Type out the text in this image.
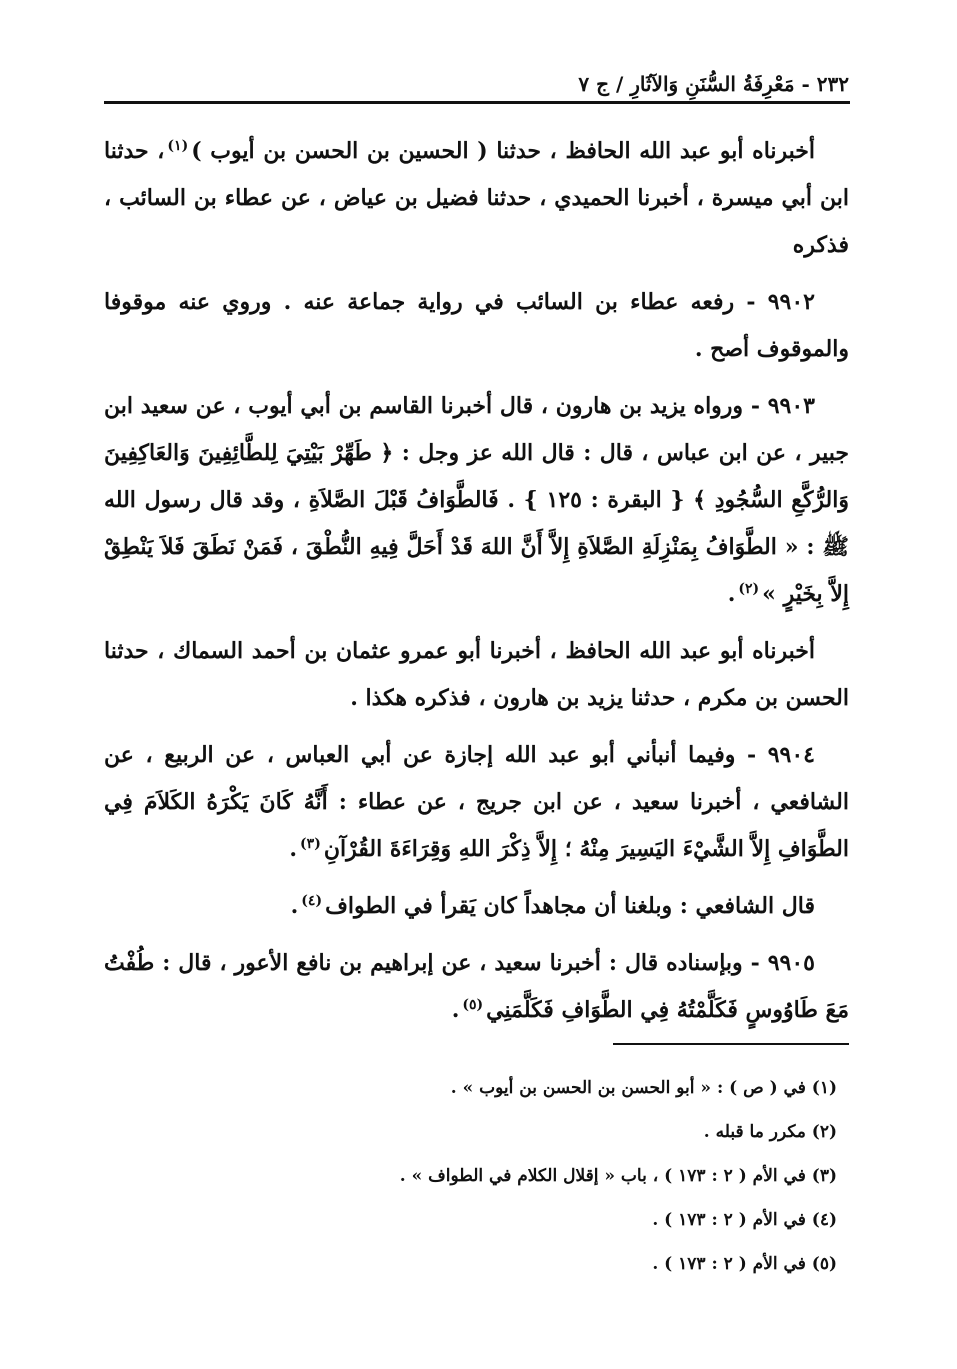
٢٣٢ - مَعْرِفَةُ السُّنَنِ وَالآثَارِ / ج ٧

أخبرناه أبو عبد الله الحافظ ، حدثنا ( الحسين بن الحسن بن أيوب )$^{(١)}$، حدثنا ابن أبي ميسرة ، أخبرنا الحميدي ، حدثنا فضيل بن عياض ، عن عطاء بن السائب ، فذكره

٩٩٠٢ - رفعه عطاء بن السائب في رواية جماعة عنه . وروي عنه موقوفا والموقوف أصح .

٩٩٠٣ - ورواه يزيد بن هارون ، قال أخبرنا القاسم بن أبي أيوب ، عن سعيد ابن جبير ، عن ابن عباس ، قال : قال الله عز وجل : ﴿ طَهِّرْ بَيْتِيَ لِلطَّائِفِينَ وَالعَاكِفِينَ وَالرُّكَّعِ السُّجُودِ ﴾ { البقرة : ١٢٥ } . فَالطَّوَافُ قَبْلَ الصَّلاَةِ ، وقد قال رسول الله ﷺ : « الطَّوَافُ بِمَنْزِلَةِ الصَّلاَةِ إِلاَّ أَنَّ اللهَ قَدْ أَحَلَّ فِيهِ النُّطْقَ ، فَمَنْ نَطَقَ فَلاَ يَنْطِقْ إِلاَّ بِخَيْرٍ »$^{(٢)}$.

أخبرناه أبو عبد الله الحافظ ، أخبرنا أبو عمرو عثمان بن أحمد السماك ، حدثنا الحسن بن مكرم ، حدثنا يزيد بن هارون ، فذكره هكذا .

٩٩٠٤ - وفيما أنبأني أبو عبد الله إجازة عن أبي العباس ، عن الربيع ، عن الشافعي ، أخبرنا سعيد ، عن ابن جريج ، عن عطاء : أَنَّهُ كَانَ يَكْرَهُ الكَلاَمَ فِي الطَّوَافِ إِلاَّ الشَّيْءَ اليَسِيرَ مِنْهُ ؛ إِلاَّ ذِكْرَ اللهِ وَقِرَاءَةَ القُرْآنِ$^{(٣)}$.

قال الشافعي : وبلغنا أن مجاهداً كان يَقرأ في الطواف$^{(٤)}$.

٩٩٠٥ - وبإسناده قال : أخبرنا سعيد ، عن إبراهيم بن نافع الأعور ، قال : طُفْتُ مَعَ طَاوُوسٍ فَكَلَّمْتُهُ فِي الطَّوَافِ فَكَلَّمَنِي$^{(٥)}$.

(١) في ( ص ) : « أبو الحسن بن الحسن بن أيوب » .

(٢) مكرر ما قبله .

(٣) في الأم ( ٢ : ١٧٣ ) ، باب « إقلال الكلام في الطواف » .

(٤) في الأم ( ٢ : ١٧٣ ) .

(٥) في الأم ( ٢ : ١٧٣ ) .
